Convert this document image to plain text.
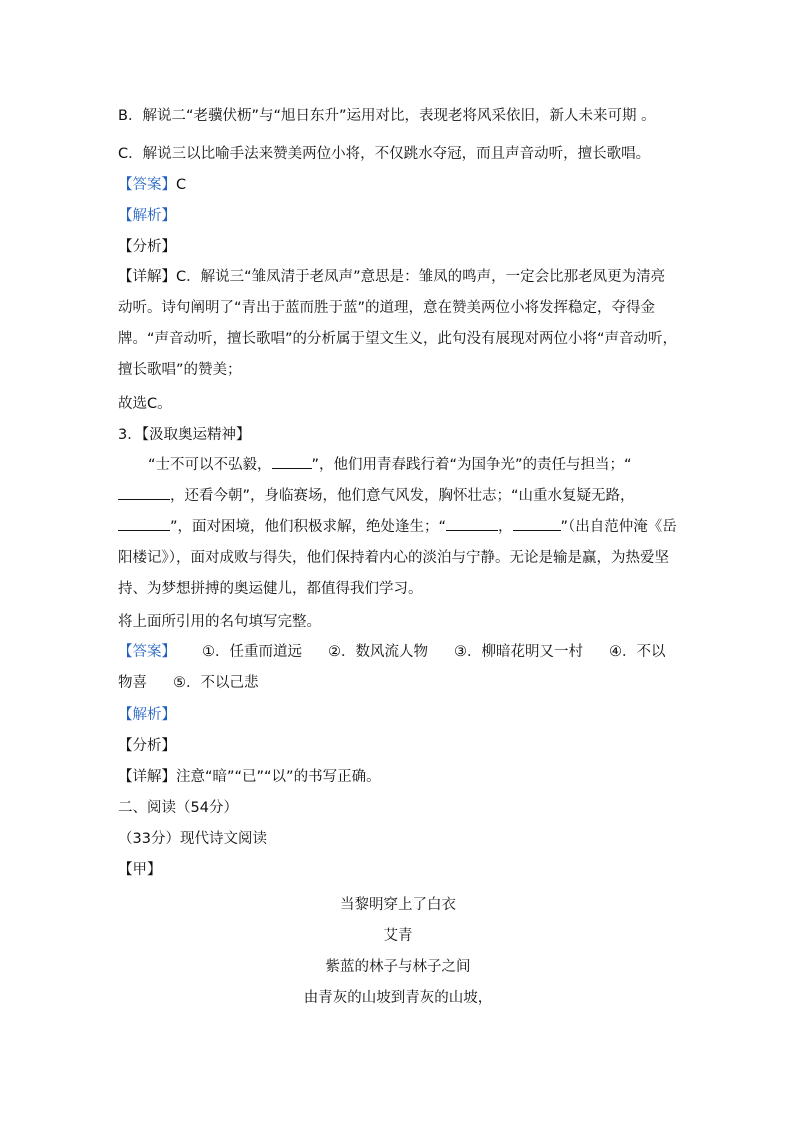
B．解说二“老骥伏枥”与“旭日东升”运用对比，表现老将风采依旧，新人未来可期 。
C．解说三以比喻手法来赞美两位小将，不仅跳水夺冠，而且声音动听，擅长歌唱。
【答案】C
【解析】
【分析】
【详解】C．解说三“雏凤清于老凤声”意思是：雏凤的鸣声，一定会比那老凤更为清亮动听。诗句阐明了“青出于蓝而胜于蓝”的道理，意在赞美两位小将发挥稳定，夺得金牌。“声音动听，擅长歌唱”的分析属于望文生义，此句没有展现对两位小将“声音动听，擅长歌唱”的赞美；
故选C。
3．【汲取奥运精神】
“士不可以不弘毅，	”，他们用青春践行着“为国争光”的责任与担当；“，还看今朝”，身临赛场，他们意气风发，胸怀壮志；“山重水复疑无路，”，面对困境，他们积极求解，绝处逢生；“	，	”（出自范仲淹《岳阳楼记》），面对成败与得失，他们保持着内心的淡泊与宁静。无论是输是赢，为热爱坚持、为梦想拼搏的奥运健儿，都值得我们学习。
将上面所引用的名句填写完整。
【答案】 ①．任重而道远 ②．数风流人物 ③．柳暗花明又一村 ④．不以物喜 ⑤．不以己悲
【解析】
【分析】
【详解】注意“暗”“已”“以”的书写正确。
二、阅读（54分）
（33分）现代诗文阅读
【甲】
当黎明穿上了白衣
艾青
紫蓝的林子与林子之间
由青灰的山坡到青灰的山坡，
